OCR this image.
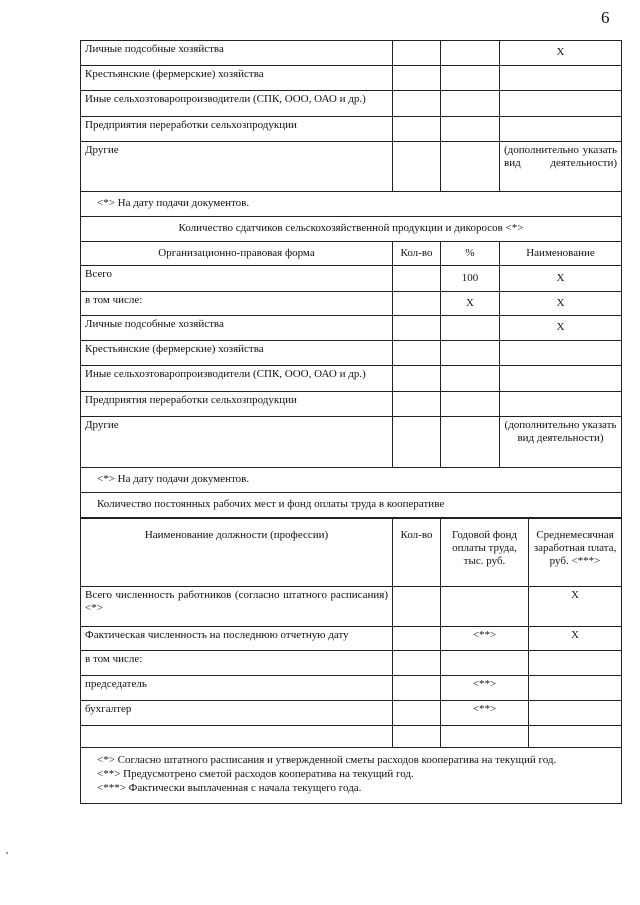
6
Личные подсобные хозяйства			X
Крестьянские (фермерские) хозяйства			
Иные сельхозтоваропроизводители (СПК, ООО, ОАО и др.)			
Предприятия переработки сельхозпродукции			
Другие			(дополнительно указать вид деятельности)
<*> На дату подачи документов.			
Количество сдатчиков сельскохозяйственной продукции и дикоросов <*>			
Организационно-правовая форма	Кол-во	%	Наименование
Всего		100	X
в том числе:		X	X
Личные подсобные хозяйства			X
Крестьянские (фермерские) хозяйства			
Иные сельхозтоваропроизводители (СПК, ООО, ОАО и др.)			
Предприятия переработки сельхозпродукции			
Другие			(дополнительно указать вид деятельности)
<*> На дату подачи документов.			
Количество постоянных рабочих мест и фонд оплаты труда в кооперативе			
Наименование должности (профессии)	Кол-во	Годовой фонд оплаты труда, тыс. руб.	Среднемесячная заработная плата, руб. <***>
Всего численность работников (согласно штатного расписания) <*>			X
Фактическая численность на последнюю отчетную дату		<**>	X
в том числе:			
председатель		<**>	
бухгалтер		<**>	

<*> Согласно штатного расписания и утвержденной сметы расходов кооператива на текущий год.
<**> Предусмотрено сметой расходов кооператива на текущий год.
<***> Фактически выплаченная с начала текущего года.			
